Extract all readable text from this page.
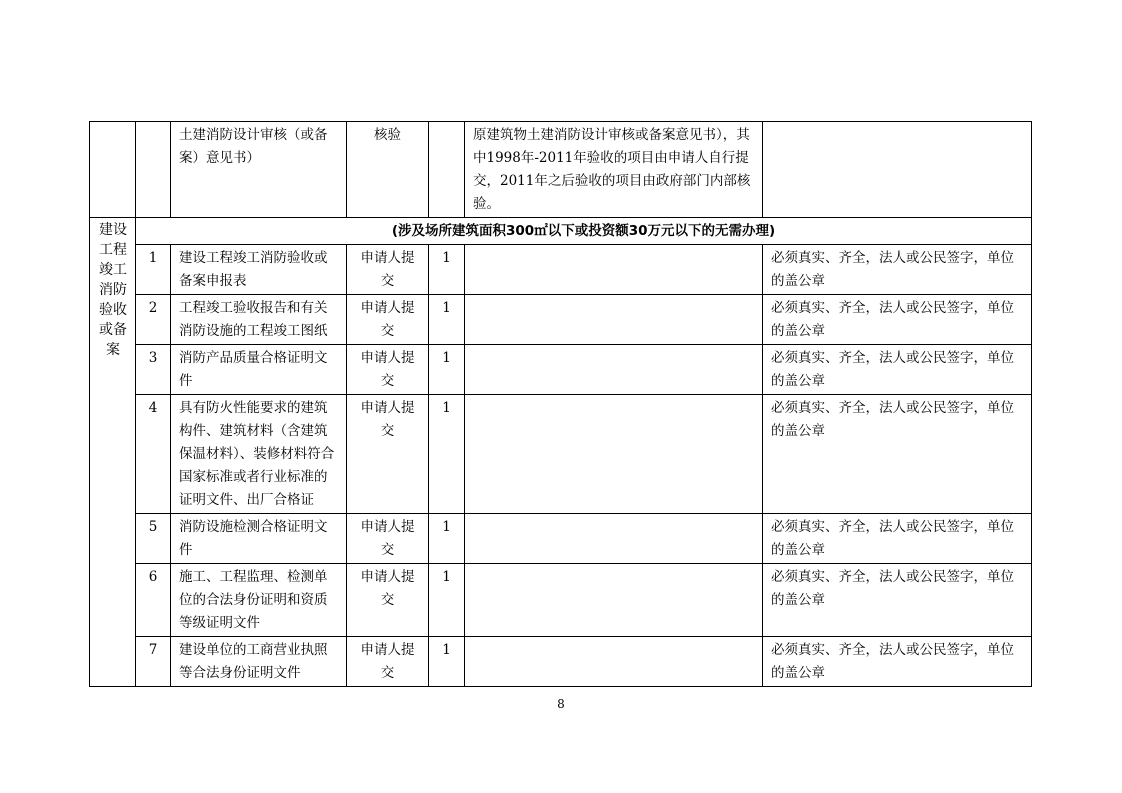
		土建消防设计审核（或备案）意见书）	核验		原建筑物土建消防设计审核或备案意见书），其中1998年-2011年验收的项目由申请人自行提交，2011年之后验收的项目由政府部门内部核验。	
建设工程竣工消防验收或备案	(涉及场所建筑面积300㎡以下或投资额30万元以下的无需办理)					
	1	建设工程竣工消防验收或备案申报表	申请人提交	1		必须真实、齐全，法人或公民签字，单位的盖公章
	2	工程竣工验收报告和有关消防设施的工程竣工图纸	申请人提交	1		必须真实、齐全，法人或公民签字，单位的盖公章
	3	消防产品质量合格证明文件	申请人提交	1		必须真实、齐全，法人或公民签字，单位的盖公章
	4	具有防火性能要求的建筑构件、建筑材料（含建筑保温材料）、装修材料符合国家标准或者行业标准的证明文件、出厂合格证	申请人提交	1		必须真实、齐全，法人或公民签字，单位的盖公章
	5	消防设施检测合格证明文件	申请人提交	1		必须真实、齐全，法人或公民签字，单位的盖公章
	6	施工、工程监理、检测单位的合法身份证明和资质等级证明文件	申请人提交	1		必须真实、齐全，法人或公民签字，单位的盖公章
	7	建设单位的工商营业执照等合法身份证明文件	申请人提交	1		必须真实、齐全，法人或公民签字，单位的盖公章
8
